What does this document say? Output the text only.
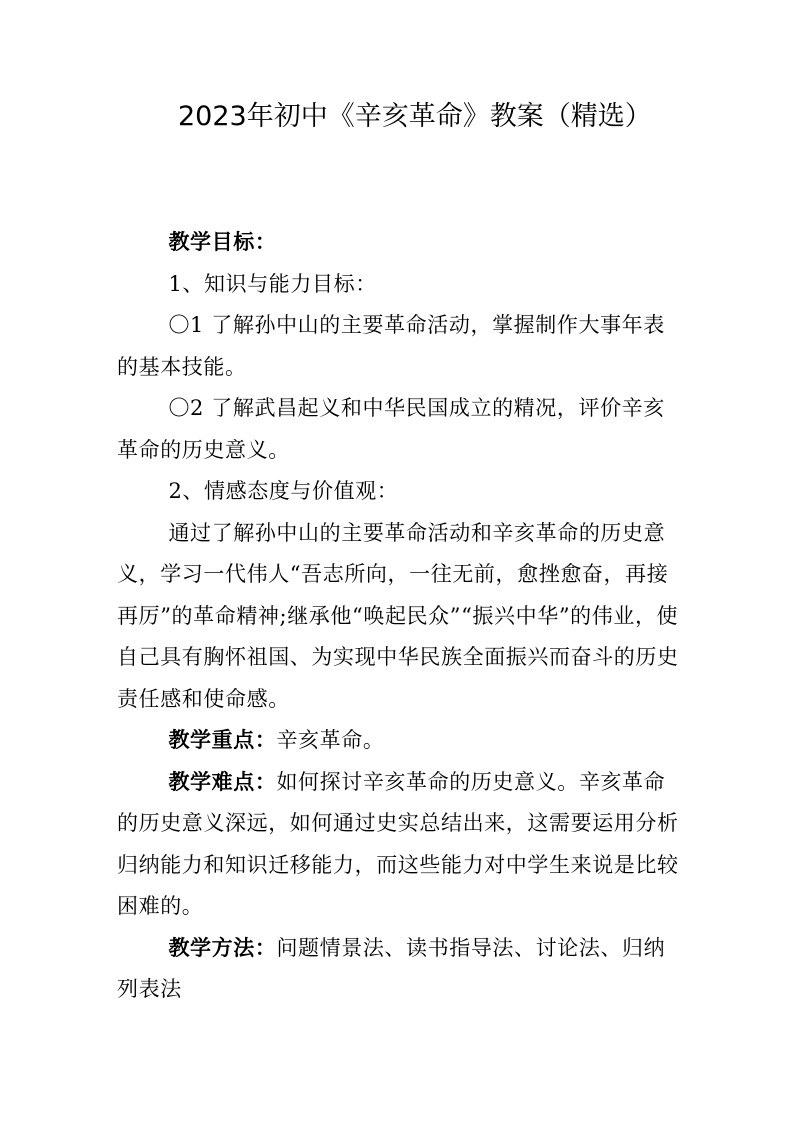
2023年初中《辛亥革命》教案（精选）

教学目标：

1、知识与能力目标：

〇1 了解孙中山的主要革命活动，掌握制作大事年表的基本技能。

〇2 了解武昌起义和中华民国成立的精况，评价辛亥革命的历史意义。

2、情感态度与价值观：

通过了解孙中山的主要革命活动和辛亥革命的历史意义，学习一代伟人“吾志所向，一往无前，愈挫愈奋，再接再厉”的革命精神;继承他“唤起民众”“振兴中华”的伟业，使自己具有胸怀祖国、为实现中华民族全面振兴而奋斗的历史责任感和使命感。

教学重点：辛亥革命。

教学难点：如何探讨辛亥革命的历史意义。辛亥革命的历史意义深远，如何通过史实总结出来，这需要运用分析归纳能力和知识迁移能力，而这些能力对中学生来说是比较困难的。

教学方法：问题情景法、读书指导法、讨论法、归纳列表法
